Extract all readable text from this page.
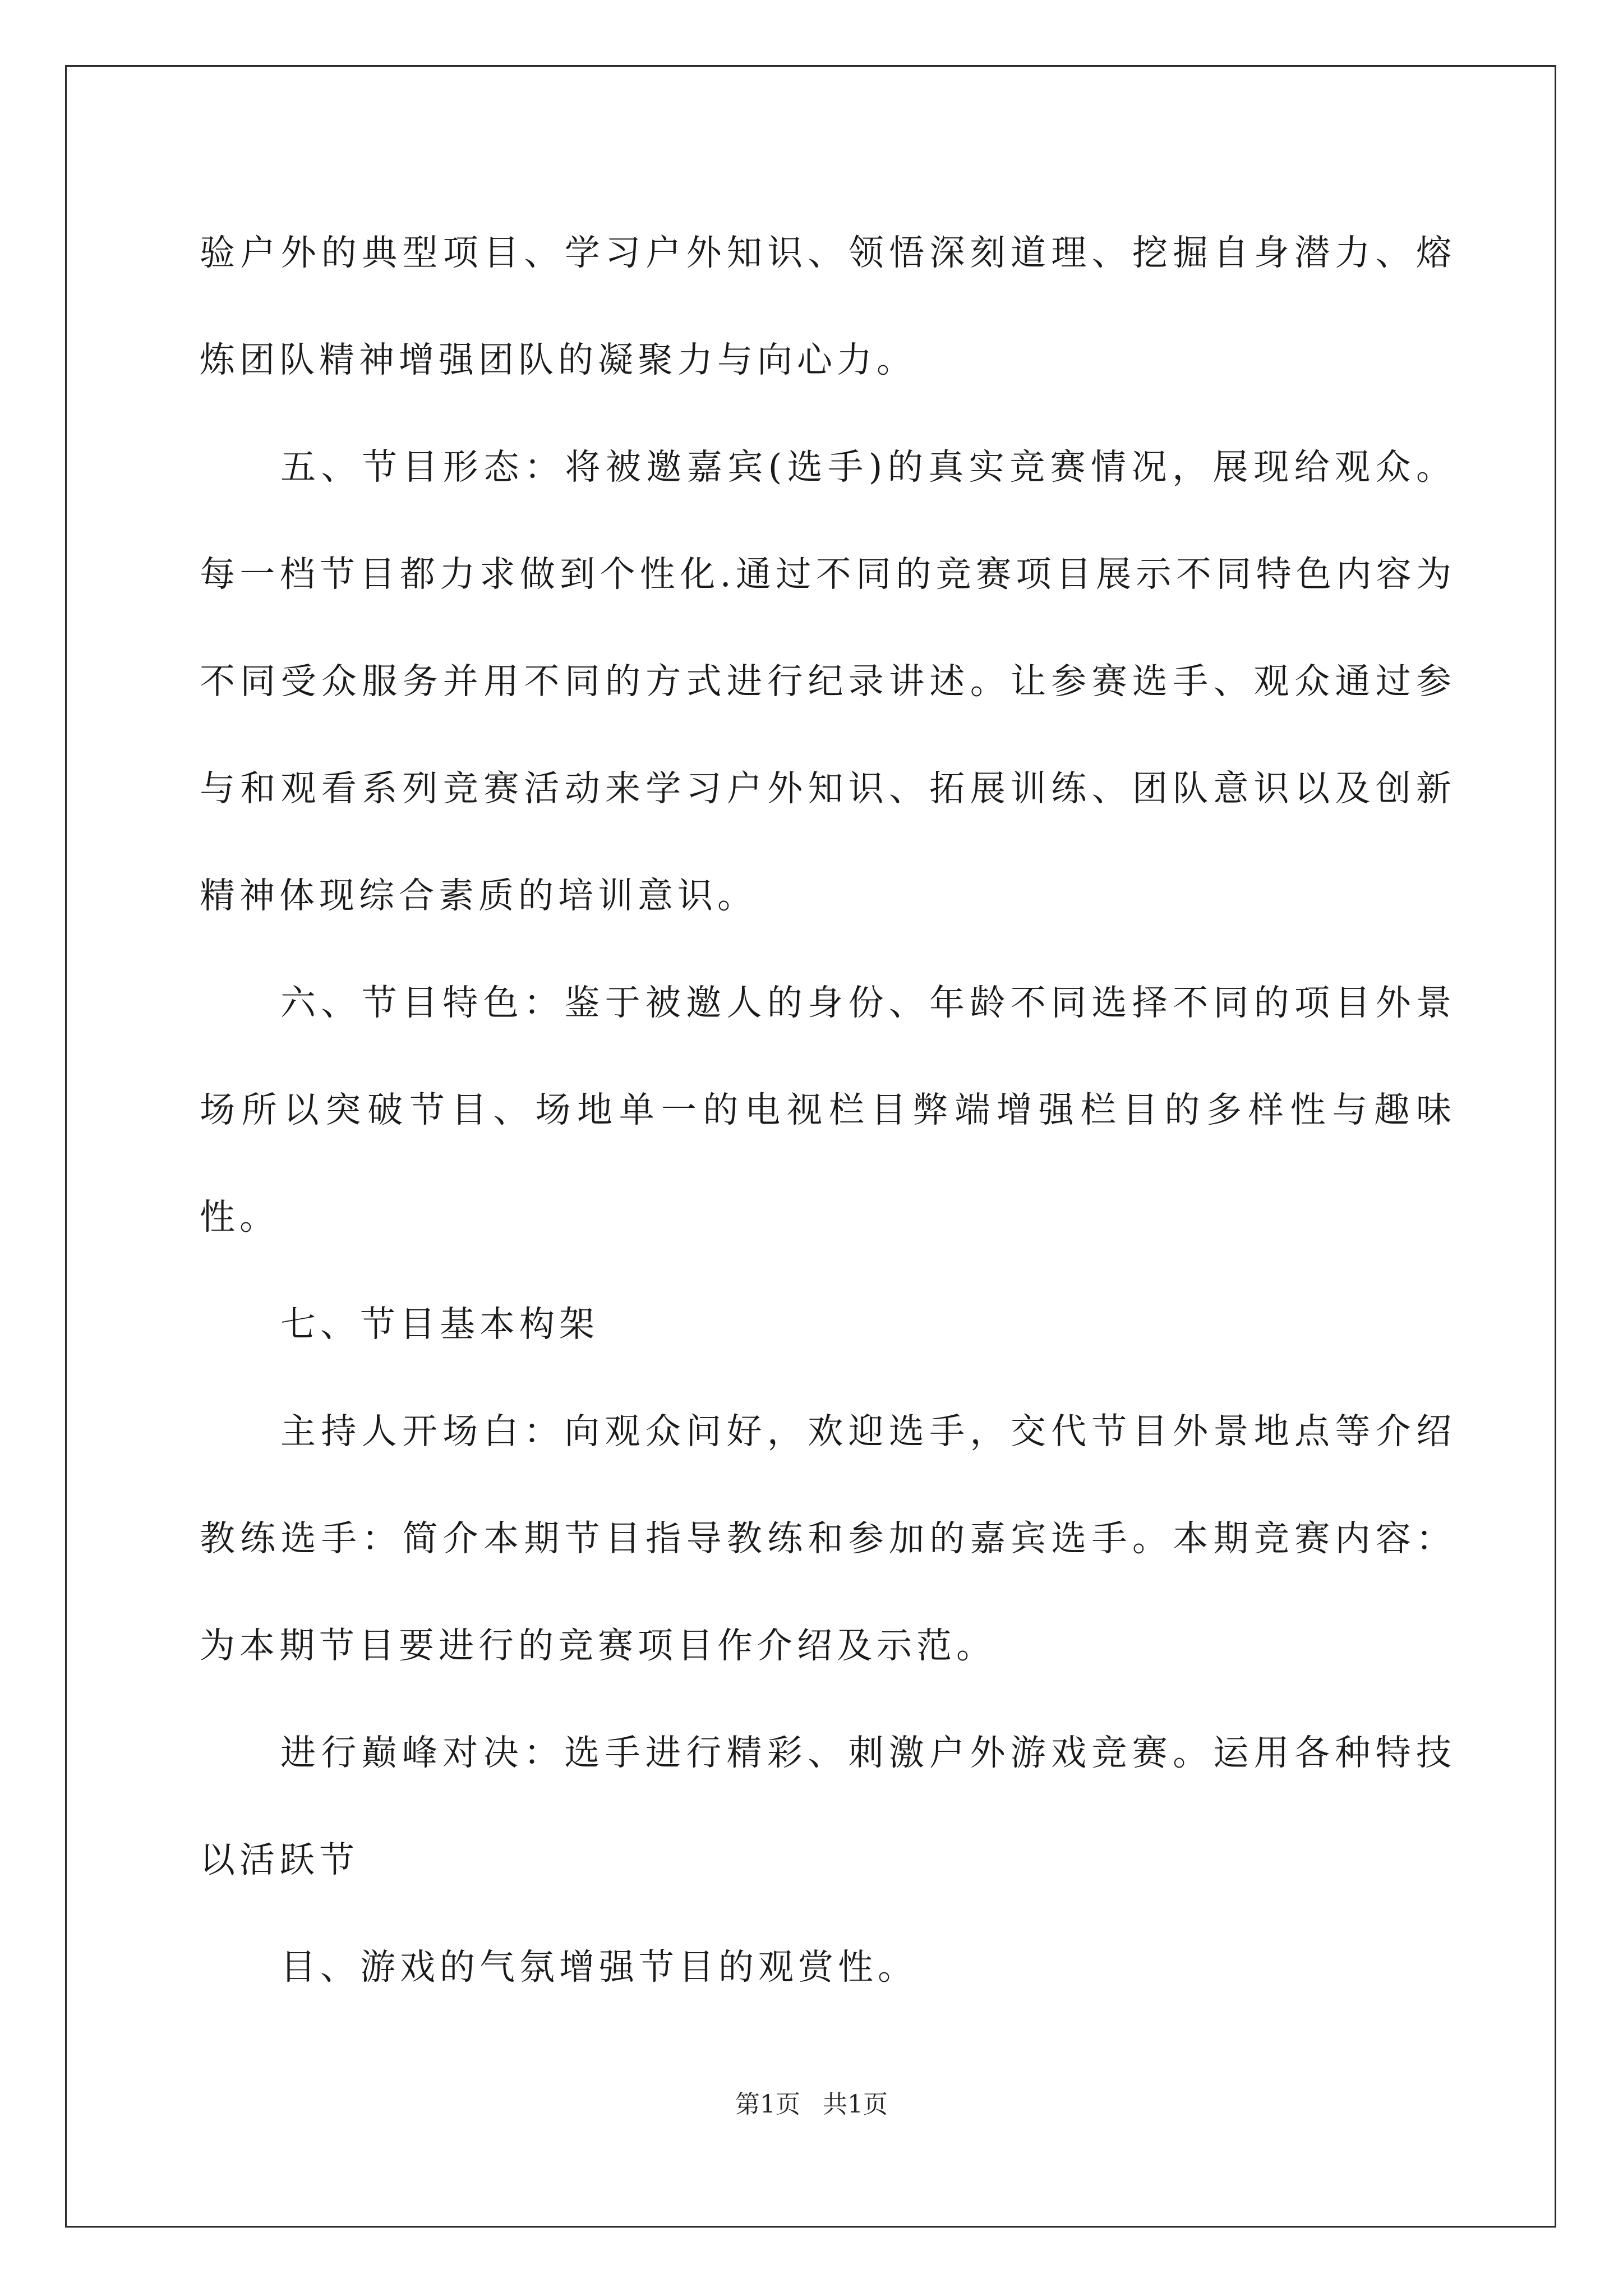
验户外的典型项目、学习户外知识、领悟深刻道理、挖掘自身潜力、熔炼团队精神增强团队的凝聚力与向心力。

五、节目形态：将被邀嘉宾(选手)的真实竞赛情况，展现给观众。每一档节目都力求做到个性化.通过不同的竞赛项目展示不同特色内容为不同受众服务并用不同的方式进行纪录讲述。让参赛选手、观众通过参与和观看系列竞赛活动来学习户外知识、拓展训练、团队意识以及创新精神体现综合素质的培训意识。

六、节目特色：鉴于被邀人的身份、年龄不同选择不同的项目外景场所以突破节目、场地单一的电视栏目弊端增强栏目的多样性与趣味性。

七、节目基本构架

主持人开场白：向观众问好，欢迎选手，交代节目外景地点等介绍教练选手：简介本期节目指导教练和参加的嘉宾选手。本期竞赛内容：为本期节目要进行的竞赛项目作介绍及示范。

进行巅峰对决：选手进行精彩、刺激户外游戏竞赛。运用各种特技以活跃节

目、游戏的气氛增强节目的观赏性。

第1页 共1页
